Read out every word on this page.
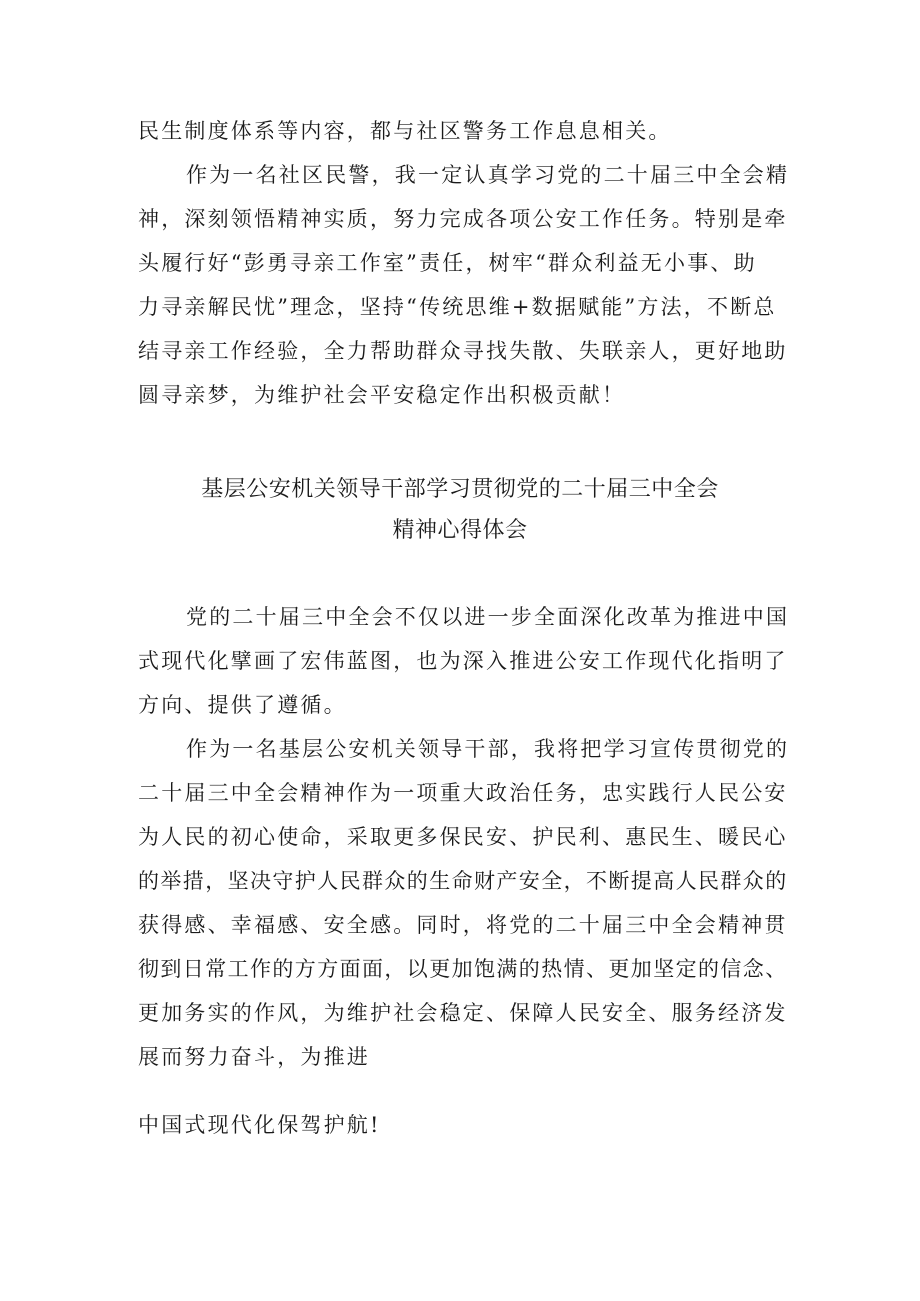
民生制度体系等内容，都与社区警务工作息息相关。
作为一名社区民警，我一定认真学习党的二十届三中全会精
神，深刻领悟精神实质，努力完成各项公安工作任务。特别是牵
头履行好“彭勇寻亲工作室”责任，树牢“群众利益无小事、助
力寻亲解民忧”理念，坚持“传统思维+数据赋能”方法，不断总
结寻亲工作经验，全力帮助群众寻找失散、失联亲人，更好地助
圆寻亲梦，为维护社会平安稳定作出积极贡献！
基层公安机关领导干部学习贯彻党的二十届三中全会
精神心得体会
党的二十届三中全会不仅以进一步全面深化改革为推进中国
式现代化擘画了宏伟蓝图，也为深入推进公安工作现代化指明了
方向、提供了遵循。
作为一名基层公安机关领导干部，我将把学习宣传贯彻党的
二十届三中全会精神作为一项重大政治任务，忠实践行人民公安
为人民的初心使命，采取更多保民安、护民利、惠民生、暖民心
的举措，坚决守护人民群众的生命财产安全，不断提高人民群众的
获得感、幸福感、安全感。同时，将党的二十届三中全会精神贯
彻到日常工作的方方面面，以更加饱满的热情、更加坚定的信念、
更加务实的作风，为维护社会稳定、保障人民安全、服务经济发
展而努力奋斗，为推进
中国式现代化保驾护航!
